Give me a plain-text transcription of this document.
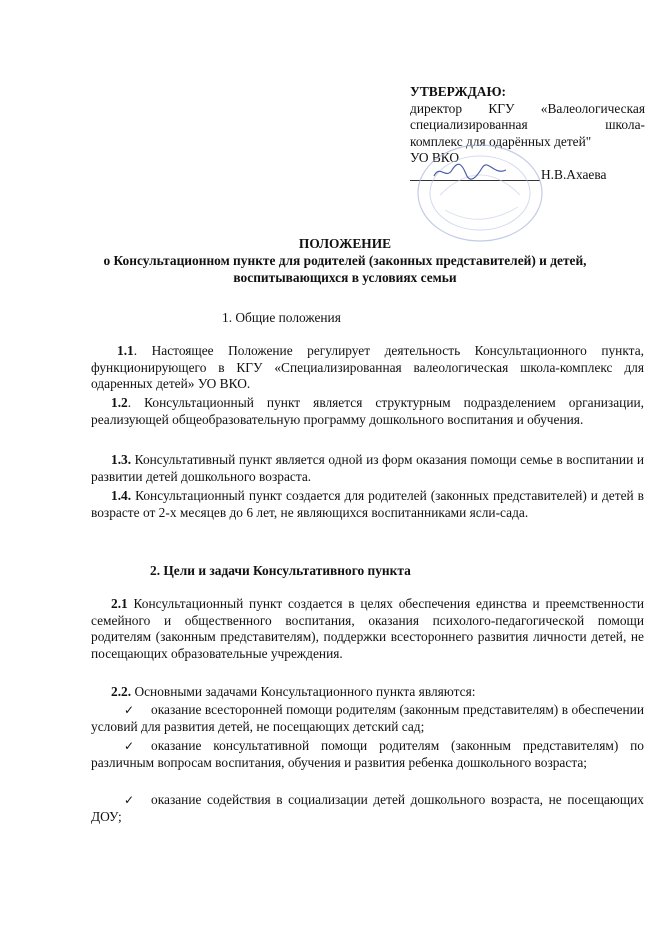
УТВЕРЖДАЮ:
директор КГУ «Валеологическая
специализированная школа-
комплекс для одарённых детей"
УО ВКО
Н.В.Ахаева
ПОЛОЖЕНИЕ
о Консультационном пункте для родителей (законных представителей) и детей,
воспитывающихся в условиях семьи
1. Общие положения
1.1. Настоящее Положение регулирует деятельность Консультационного пункта, функционирующего в КГУ «Специализированная валеологическая школа-комплекс для одаренных детей» УО ВКО.
1.2. Консультационный пункт является структурным подразделением организации, реализующей общеобразовательную программу дошкольного воспитания и обучения.
1.3. Консультативный пункт является одной из форм оказания помощи семье в воспитании и развитии детей дошкольного возраста.
1.4. Консультационный пункт создается для родителей (законных представителей) и детей в возрасте от 2-х месяцев до 6 лет, не являющихся воспитанниками ясли-сада.
2. Цели и задачи Консультативного пункта
2.1 Консультационный пункт создается в целях обеспечения единства и преемственности семейного и общественного воспитания, оказания психолого-педагогической помощи родителям (законным представителям), поддержки всестороннего развития личности детей, не посещающих образовательные учреждения.
2.2. Основными задачами Консультационного пункта являются:
✓ оказание всесторонней помощи родителям (законным представителям) в обеспечении условий для развития детей, не посещающих детский сад;
✓ оказание консультативной помощи родителям (законным представителям) по различным вопросам воспитания, обучения и развития ребенка дошкольного возраста;
✓ оказание содействия в социализации детей дошкольного возраста, не посещающих ДОУ;
